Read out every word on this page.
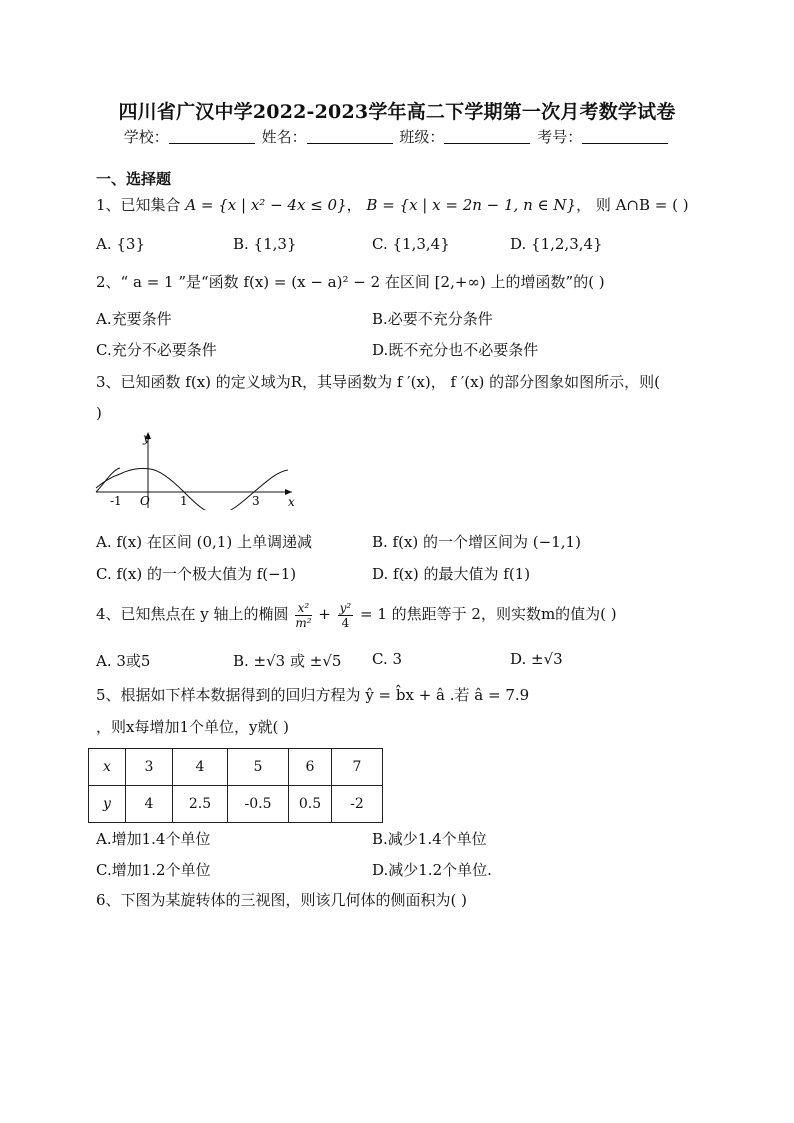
四川省广汉中学2022-2023学年高二下学期第一次月考数学试卷
学校：	姓名：	班级：	考号：
一、选择题
1、已知集合 A = {x | x² − 4x ≤ 0}， B = {x | x = 2n − 1, n ∈ N}， 则 A∩B = ( )
A. {3}	B. {1,3}	C. {1,3,4}	D. {1,2,3,4}
2、“ a = 1 ”是“函数 f(x) = (x − a)² − 2 在区间 [2,+∞) 上的增函数”的( )
A.充要条件	B.必要不充分条件
C.充分不必要条件	D.既不充分也不必要条件
3、已知函数 f(x) 的定义域为R，其导函数为 f ′(x)， f ′(x) 的部分图象如图所示，则(
)
y
x
O
-1	1	3
A. f(x) 在区间 (0,1) 上单调递减	B. f(x) 的一个增区间为 (−1,1)
C. f(x) 的一个极大值为 f(−1)	D. f(x) 的最大值为 f(1)
4、已知焦点在 y 轴上的椭圆 $\frac{\text{x²}}{\text{m²}} + \frac{\text{y²}}{4} = 1$ 的焦距等于 2，则实数m的值为( )
A. 3或5	B. ±√3 或 ±√5 C. 3	D. ±√3
5、根据如下样本数据得到的回归方程为 ŷ = b̂x + â .若 â = 7.9
，则x每增加1个单位，y就( )
x	3	4	5	6	7
y	4	2.5	-0.5	0.5	-2
A.增加1.4个单位	B.减少1.4个单位
C.增加1.2个单位	D.减少1.2个单位.
6、下图为某旋转体的三视图，则该几何体的侧面积为( )
